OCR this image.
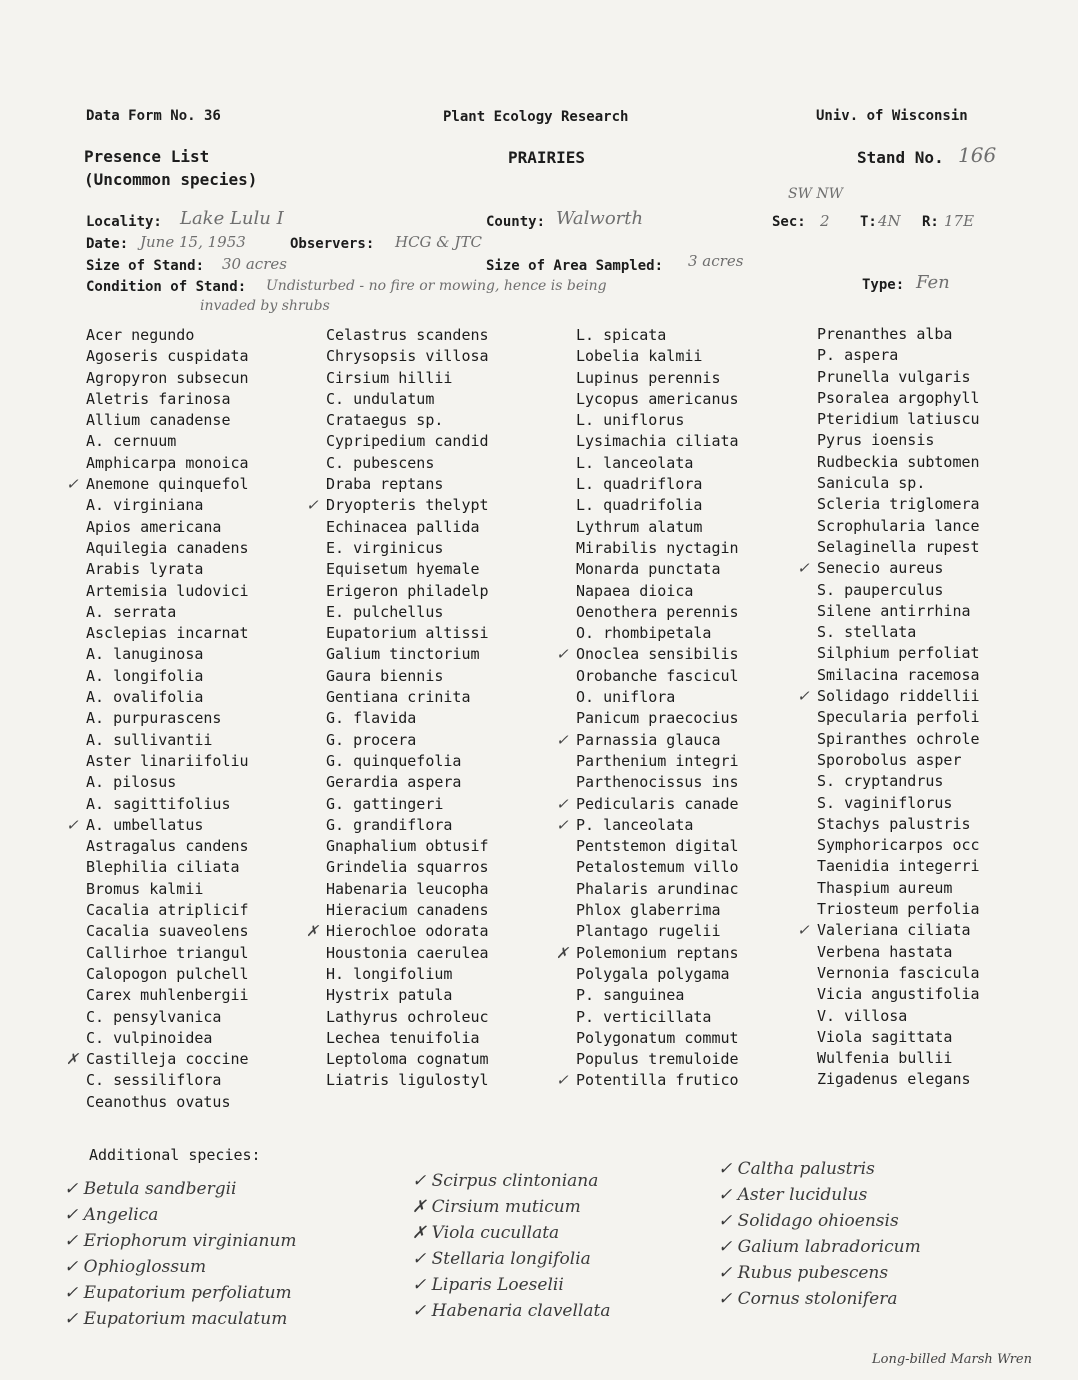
Data Form No. 36	Plant Ecology Research	Univ. of Wisconsin
Presence List
(Uncommon species)
PRAIRIES	Stand No. 166
SW NW
Locality: Lake Lulu I	County: Walworth	Sec: 2 T: 4N R: 17E
Date: June 15, 1953	Observers: HCG & JTC
Size of Stand: 30 acres	Size of Area Sampled: 3 acres
Condition of Stand: Undisturbed - no fire or mowing, hence is being
invaded by shrubs
Type: Fen
Acer negundo
Agoseris cuspidata
Agropyron subsecun
Aletris farinosa
Allium canadense
A. cernuum
Amphicarpa monoica
✓ Anemone quinquefol
A. virginiana
Apios americana
Aquilegia canadens
Arabis lyrata
Artemisia ludovici
A. serrata
Asclepias incarnat
A. lanuginosa
A. longifolia
A. ovalifolia
A. purpurascens
A. sullivantii
Aster linariifoliu
A. pilosus
A. sagittifolius
✓ A. umbellatus
Astragalus candens
Blephilia ciliata
Bromus kalmii
Cacalia atriplicif
Cacalia suaveolens
Callirhoe triangul
Calopogon pulchell
Carex muhlenbergii
C. pensylvanica
C. vulpinoidea
✗ Castilleja coccine
C. sessiliflora
Ceanothus ovatus
Celastrus scandens
Chrysopsis villosa
Cirsium hillii
C. undulatum
Crataegus sp.
Cypripedium candid
C. pubescens
Draba reptans
✓ Dryopteris thelypt
Echinacea pallida
E. virginicus
Equisetum hyemale
Erigeron philadelp
E. pulchellus
Eupatorium altissi
Galium tinctorium
Gaura biennis
Gentiana crinita
G. flavida
G. procera
G. quinquefolia
Gerardia aspera
G. gattingeri
G. grandiflora
Gnaphalium obtusif
Grindelia squarros
Habenaria leucopha
Hieracium canadens
✗ Hierochloe odorata
Houstonia caerulea
H. longifolium
Hystrix patula
Lathyrus ochroleuc
Lechea tenuifolia
Leptoloma cognatum
Liatris ligulostyl
L. spicata
Lobelia kalmii
Lupinus perennis
Lycopus americanus
L. uniflorus
Lysimachia ciliata
L. lanceolata
L. quadriflora
L. quadrifolia
Lythrum alatum
Mirabilis nyctagin
Monarda punctata
Napaea dioica
Oenothera perennis
O. rhombipetala
✓ Onoclea sensibilis
Orobanche fascicul
O. uniflora
Panicum praecocius
✓ Parnassia glauca
Parthenium integri
Parthenocissus ins
✓ Pedicularis canade
✓ P. lanceolata
Pentstemon digital
Petalostemum villo
Phalaris arundinac
Phlox glaberrima
Plantago rugelii
✗ Polemonium reptans
Polygala polygama
P. sanguinea
P. verticillata
Polygonatum commut
Populus tremuloide
✓ Potentilla frutico
Prenanthes alba
P. aspera
Prunella vulgaris
Psoralea argophyll
Pteridium latiuscu
Pyrus ioensis
Rudbeckia subtomen
Sanicula sp.
Scleria triglomera
Scrophularia lance
Selaginella rupest
✓ Senecio aureus
S. pauperculus
Silene antirrhina
S. stellata
Silphium perfoliat
Smilacina racemosa
✓ Solidago riddellii
Specularia perfoli
Spiranthes ochrole
Sporobolus asper
S. cryptandrus
S. vaginiflorus
Stachys palustris
Symphoricarpos occ
Taenidia integerri
Thaspium aureum
Triosteum perfolia
✓ Valeriana ciliata
Verbena hastata
Vernonia fascicula
Vicia angustifolia
V. villosa
Viola sagittata
Wulfenia bullii
Zigadenus elegans
Additional species:
✓ Betula sandbergii
✓ Angelica
✓ Eriophorum virginianum
✓ Ophioglossum
✓ Eupatorium perfoliatum
✓ Eupatorium maculatum
✓ Scirpus clintoniana
✗ Cirsium muticum
✗ Viola cucullata
✓ Stellaria longifolia
✓ Liparis Loeselii
✓ Habenaria clavellata
✓ Caltha palustris
✓ Aster lucidulus
✓ Solidago ohioensis
✓ Galium labradoricum
✓ Rubus pubescens
✓ Cornus stolonifera
Long-billed Marsh Wren
